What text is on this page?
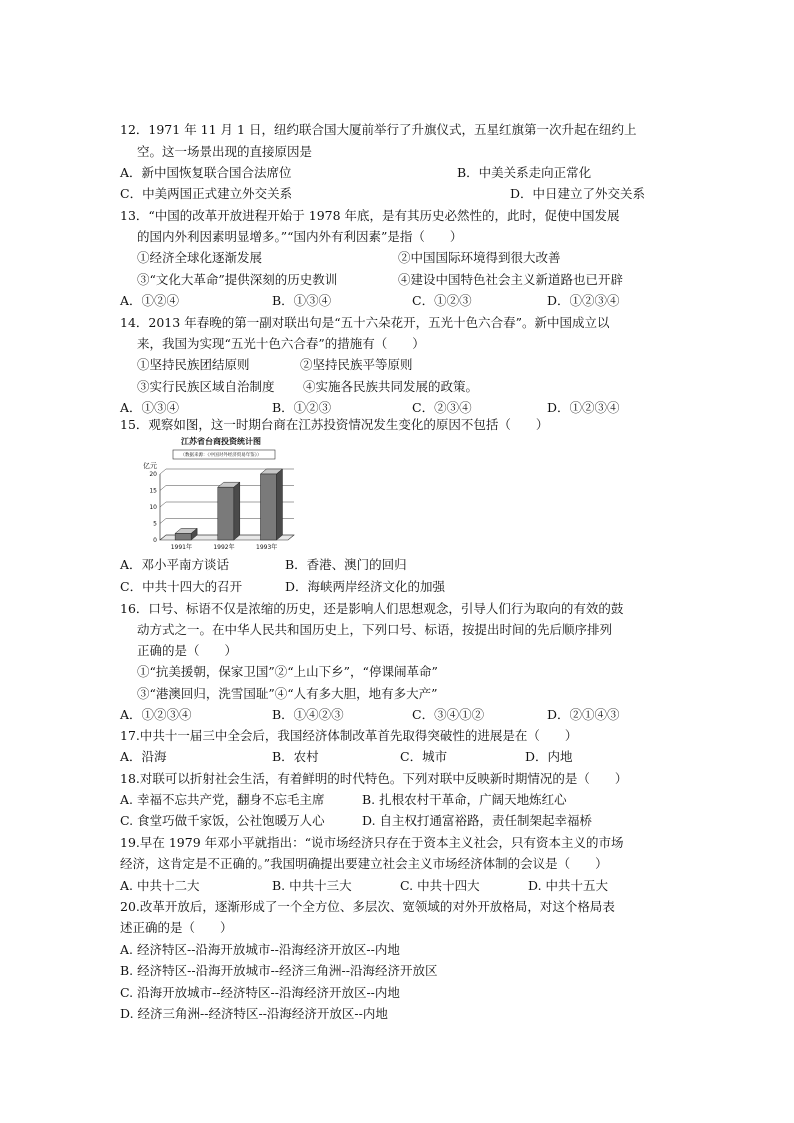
12．1971 年 11 月 1 日，纽约联合国大厦前举行了升旗仪式，五星红旗第一次升起在纽约上
空。这一场景出现的直接原因是
A．新中国恢复联合国合法席位	B．中美关系走向正常化
C．中美两国正式建立外交关系	D．中日建立了外交关系
13．“中国的改革开放进程开始于 1978 年底，是有其历史必然性的，此时，促使中国发展
的国内外利因素明显增多。”“国内外有利因素”是指（　　）
①经济全球化逐渐发展	②中国国际环境得到很大改善
③“文化大革命”提供深刻的历史教训	④建设中国特色社会主义新道路也已开辟
A．①②④	B．①③④	C．①②③	D．①②③④
14．2013 年春晚的第一副对联出句是“五十六朵花开，五光十色六合春”。新中国成立以
来，我国为实现“五光十色六合春”的措施有（　　）
①坚持民族团结原则	②坚持民族平等原则
③实行民族区域自治制度 ④实施各民族共同发展的政策。
A．①③④	B．①②③	C．②③④	D．①②③④
15．观察如图，这一时期台商在江苏投资情况发生变化的原因不包括（　　）
江苏省台商投资统计图
（数据来源：《中国对外经济贸易年鉴》）
亿元
0
5
10
15
20
1991年	1992年	1993年
A．邓小平南方谈话	B．香港、澳门的回归
C．中共十四大的召开	D．海峡两岸经济文化的加强
16．口号、标语不仅是浓缩的历史，还是影响人们思想观念，引导人们行为取向的有效的鼓
动方式之一。在中华人民共和国历史上，下列口号、标语，按提出时间的先后顺序排列
正确的是（　　）
①“抗美援朝，保家卫国”②“上山下乡”，“停课闹革命”
③“港澳回归，洗雪国耻”④“人有多大胆，地有多大产”
A．①②③④	B．①④②③	C．③④①②	D．②①④③
17.中共十一届三中全会后，我国经济体制改革首先取得突破性的进展是在（　　）
A．沿海	B．农村	C．城市	D．内地
18.对联可以折射社会生活，有着鲜明的时代特色。下列对联中反映新时期情况的是（　　）
A. 幸福不忘共产党，翻身不忘毛主席	B. 扎根农村干革命，广阔天地炼红心
C. 食堂巧做千家饭，公社饱暖万人心	D. 自主权打通富裕路，责任制架起幸福桥
19.早在 1979 年邓小平就指出：“说市场经济只存在于资本主义社会，只有资本主义的市场
经济，这肯定是不正确的。”我国明确提出要建立社会主义市场经济体制的会议是（　　）
A. 中共十二大	B. 中共十三大	C. 中共十四大	D. 中共十五大
20.改革开放后，逐渐形成了一个全方位、多层次、宽领域的对外开放格局，对这个格局表
述正确的是（　　）
A. 经济特区--沿海开放城市--沿海经济开放区--内地
B. 经济特区--沿海开放城市--经济三角洲--沿海经济开放区
C. 沿海开放城市--经济特区--沿海经济开放区--内地
D. 经济三角洲--经济特区--沿海经济开放区--内地
